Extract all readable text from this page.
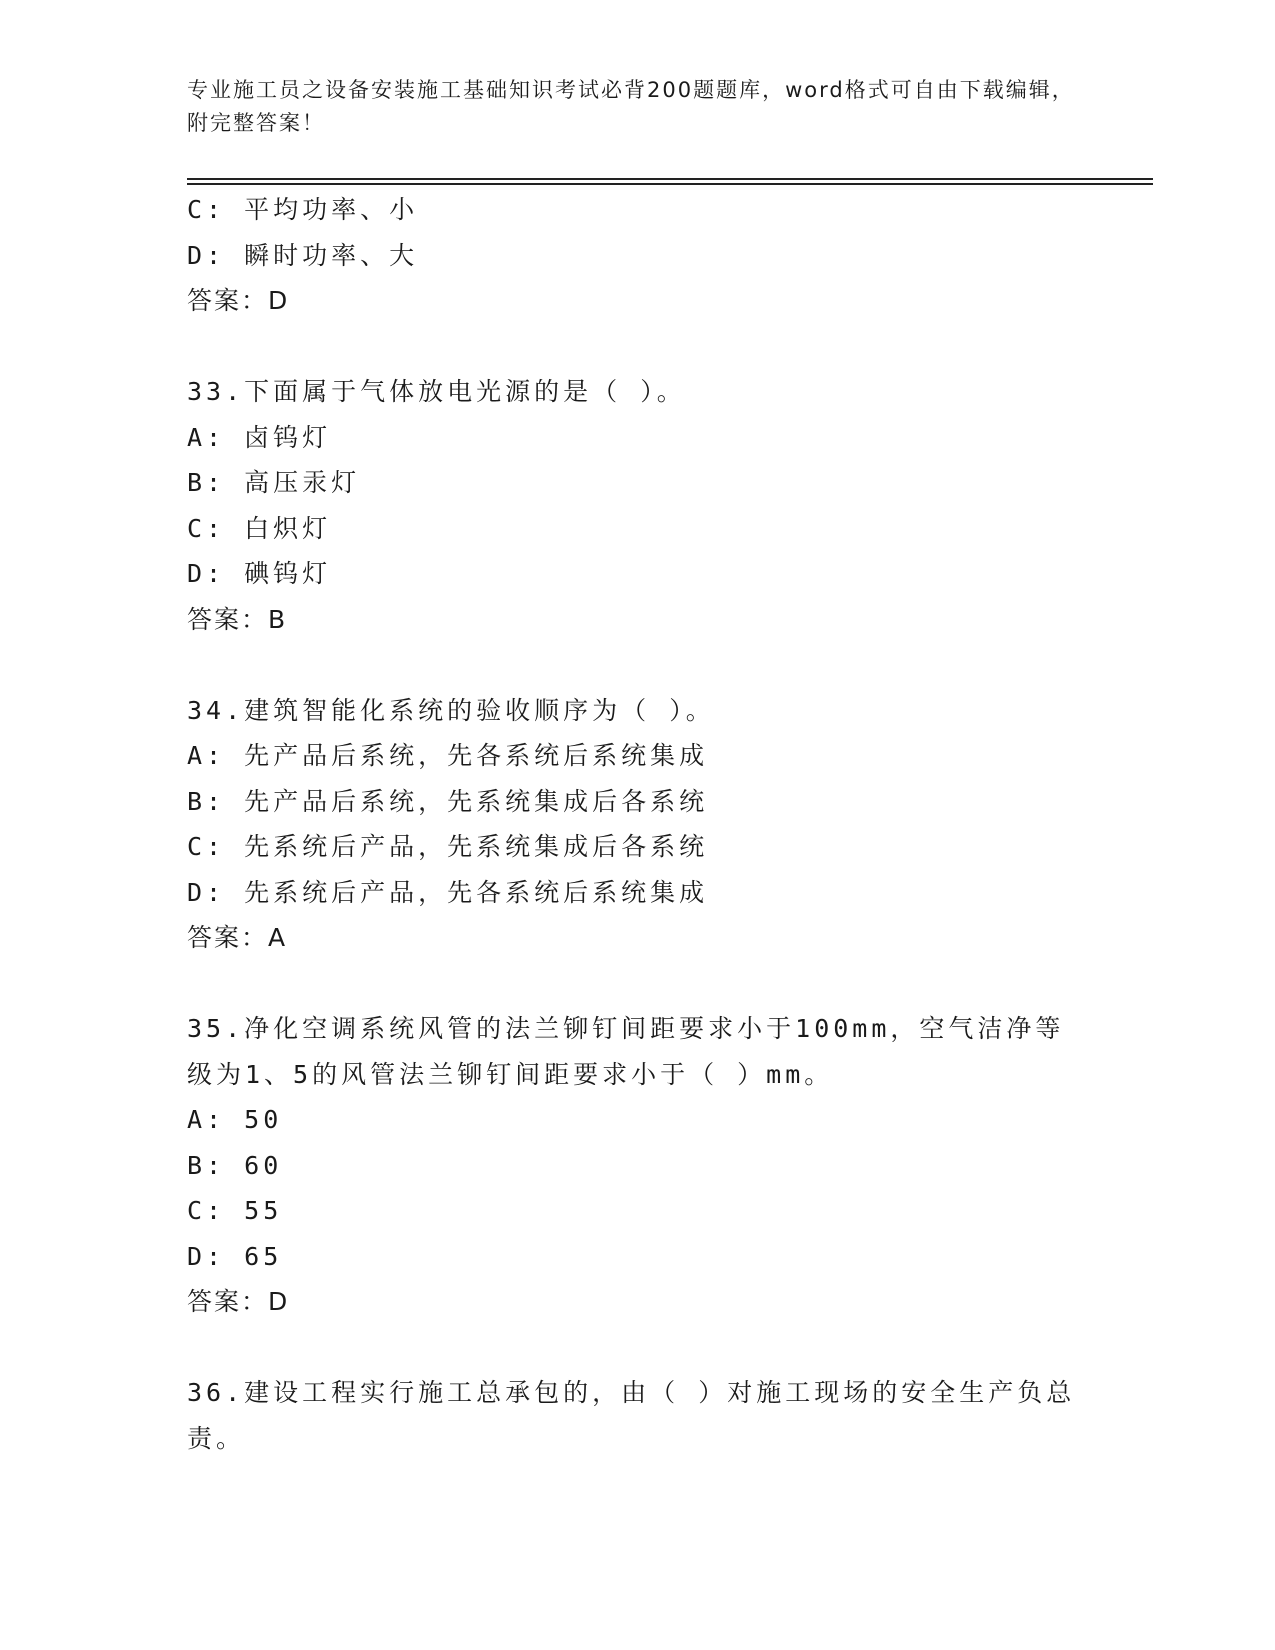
专业施工员之设备安装施工基础知识考试必背200题题库，word格式可自由下载编辑，附完整答案！
C: 平均功率、小
D: 瞬时功率、大
答案：D
33.下面属于气体放电光源的是（ ）。
A: 卤钨灯
B: 高压汞灯
C: 白炽灯
D: 碘钨灯
答案：B
34.建筑智能化系统的验收顺序为（ ）。
A: 先产品后系统，先各系统后系统集成
B: 先产品后系统，先系统集成后各系统
C: 先系统后产品，先系统集成后各系统
D: 先系统后产品，先各系统后系统集成
答案：A
35.净化空调系统风管的法兰铆钉间距要求小于100mm，空气洁净等级为1、5的风管法兰铆钉间距要求小于（ ）mm。
A: 50
B: 60
C: 55
D: 65
答案：D
36.建设工程实行施工总承包的，由（ ）对施工现场的安全生产负总责。
